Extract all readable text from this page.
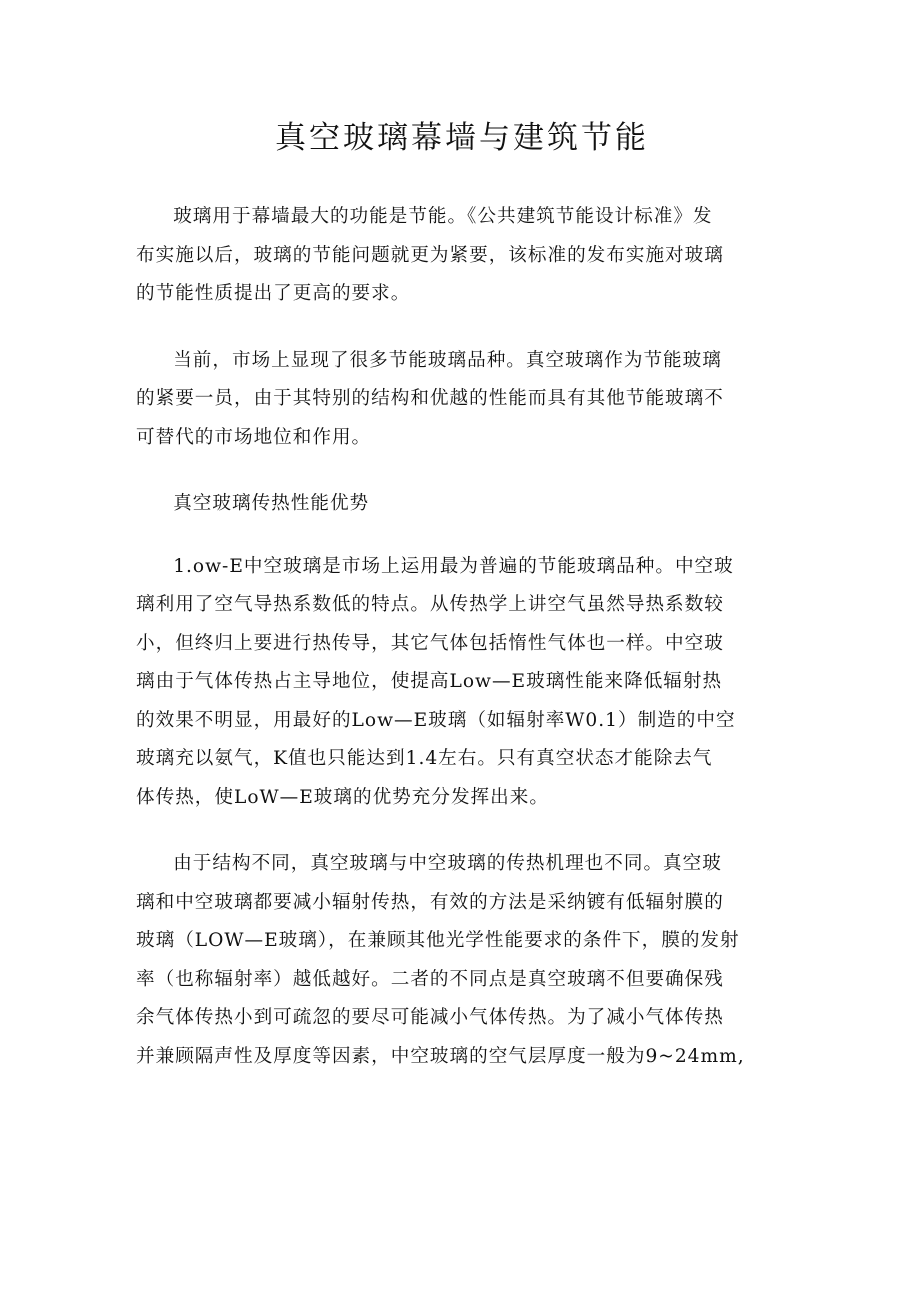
真空玻璃幕墙与建筑节能

玻璃用于幕墙最大的功能是节能。《公共建筑节能设计标准》发
布实施以后，玻璃的节能问题就更为紧要，该标准的发布实施对玻璃
的节能性质提出了更高的要求。

当前，市场上显现了很多节能玻璃品种。真空玻璃作为节能玻璃
的紧要一员，由于其特别的结构和优越的性能而具有其他节能玻璃不
可替代的市场地位和作用。

真空玻璃传热性能优势

1.ow-E中空玻璃是市场上运用最为普遍的节能玻璃品种。中空玻
璃利用了空气导热系数低的特点。从传热学上讲空气虽然导热系数较
小，但终归上要进行热传导，其它气体包括惰性气体也一样。中空玻
璃由于气体传热占主导地位，使提高Low—E玻璃性能来降低辐射热
的效果不明显，用最好的Low—E玻璃（如辐射率W0.1）制造的中空
玻璃充以氨气，K值也只能达到1.4左右。只有真空状态才能除去气
体传热，使LoW—E玻璃的优势充分发挥出来。

由于结构不同，真空玻璃与中空玻璃的传热机理也不同。真空玻
璃和中空玻璃都要减小辐射传热，有效的方法是采纳镀有低辐射膜的
玻璃（LOW—E玻璃），在兼顾其他光学性能要求的条件下，膜的发射
率（也称辐射率）越低越好。二者的不同点是真空玻璃不但要确保残
余气体传热小到可疏忽的要尽可能减小气体传热。为了减小气体传热
并兼顾隔声性及厚度等因素，中空玻璃的空气层厚度一般为9~24mm,
